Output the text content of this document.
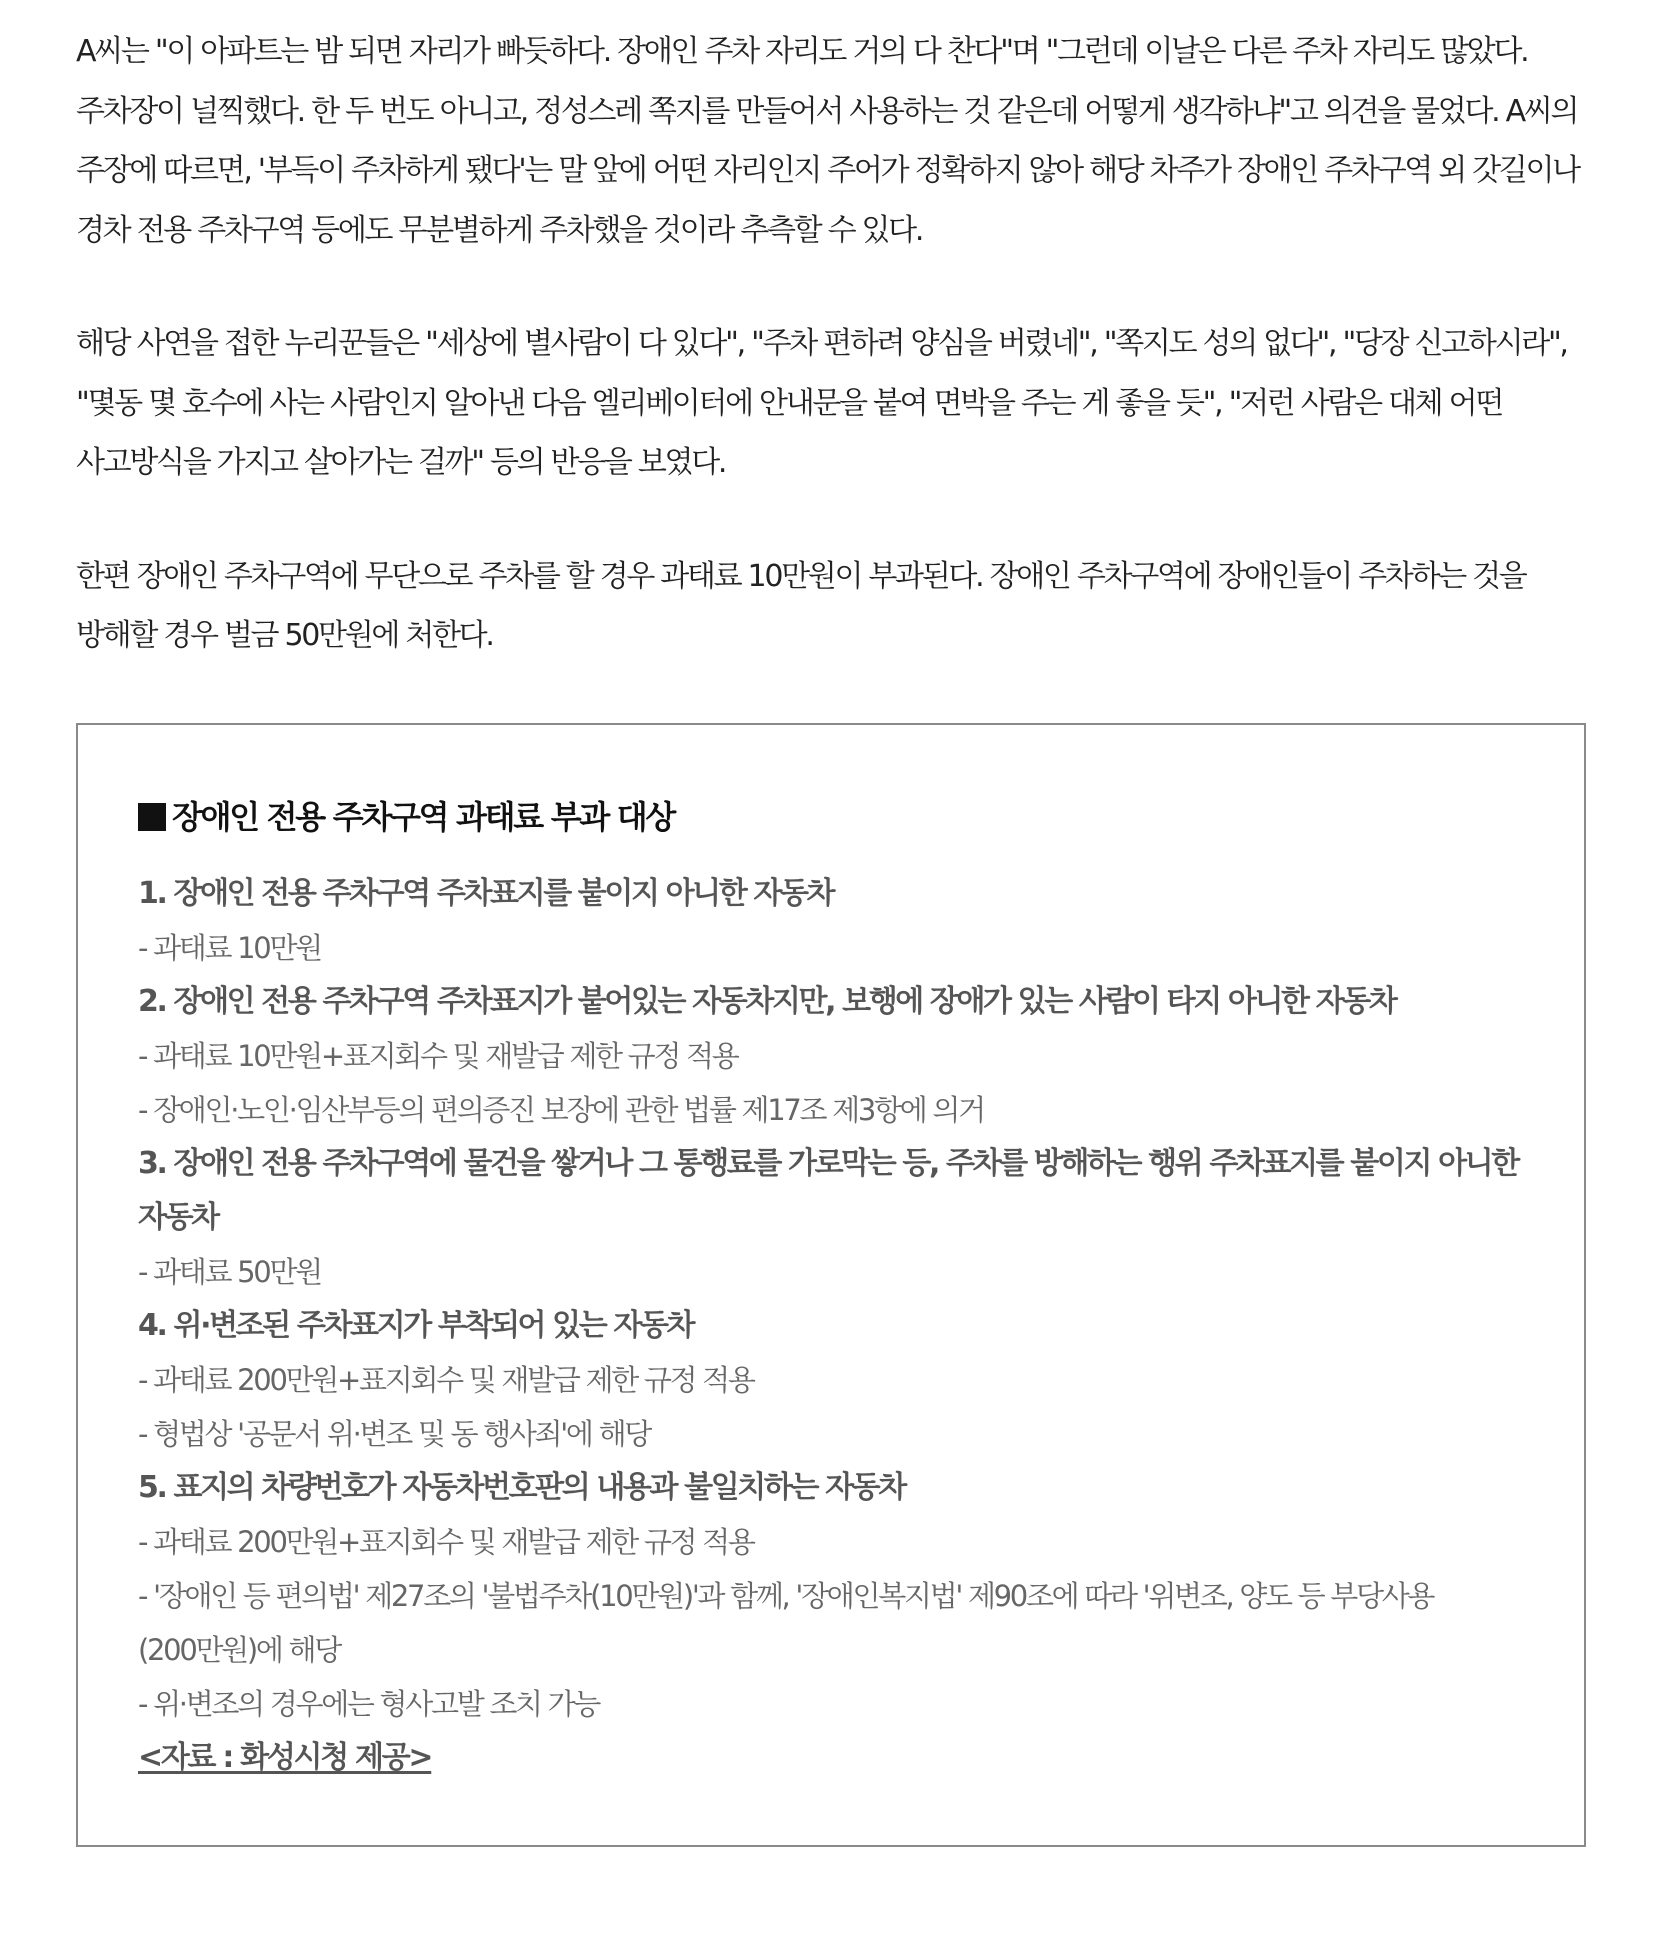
A씨는 "이 아파트는 밤 되면 자리가 빠듯하다. 장애인 주차 자리도 거의 다 찬다"며 "그런데 이날은 다른 주차 자리도 많았다. 주차장이 널찍했다. 한 두 번도 아니고, 정성스레 쪽지를 만들어서 사용하는 것 같은데 어떻게 생각하냐"고 의견을 물었다. A씨의 주장에 따르면, '부득이 주차하게 됐다'는 말 앞에 어떤 자리인지 주어가 정확하지 않아 해당 차주가 장애인 주차구역 외 갓길이나 경차 전용 주차구역 등에도 무분별하게 주차했을 것이라 추측할 수 있다.

해당 사연을 접한 누리꾼들은 "세상에 별사람이 다 있다", "주차 편하려 양심을 버렸네", "쪽지도 성의 없다", "당장 신고하시라", "몇동 몇 호수에 사는 사람인지 알아낸 다음 엘리베이터에 안내문을 붙여 면박을 주는 게 좋을 듯", "저런 사람은 대체 어떤 사고방식을 가지고 살아가는 걸까" 등의 반응을 보였다.

한편 장애인 주차구역에 무단으로 주차를 할 경우 과태료 10만원이 부과된다. 장애인 주차구역에 장애인들이 주차하는 것을 방해할 경우 벌금 50만원에 처한다.

장애인 전용 주차구역 과태료 부과 대상
1. 장애인 전용 주차구역 주차표지를 붙이지 아니한 자동차
- 과태료 10만원
2. 장애인 전용 주차구역 주차표지가 붙어있는 자동차지만, 보행에 장애가 있는 사람이 타지 아니한 자동차
- 과태료 10만원+표지회수 및 재발급 제한 규정 적용
- 장애인·노인·임산부등의 편의증진 보장에 관한 법률 제17조 제3항에 의거
3. 장애인 전용 주차구역에 물건을 쌓거나 그 통행료를 가로막는 등, 주차를 방해하는 행위 주차표지를 붙이지 아니한 자동차
- 과태료 50만원
4. 위·변조된 주차표지가 부착되어 있는 자동차
- 과태료 200만원+표지회수 및 재발급 제한 규정 적용
- 형법상 '공문서 위·변조 및 동 행사죄'에 해당
5. 표지의 차량번호가 자동차번호판의 내용과 불일치하는 자동차
- 과태료 200만원+표지회수 및 재발급 제한 규정 적용
- '장애인 등 편의법' 제27조의 '불법주차(10만원)'과 함께, '장애인복지법' 제90조에 따라 '위변조, 양도 등 부당사용(200만원)에 해당
- 위·변조의 경우에는 형사고발 조치 가능
<자료 : 화성시청 제공>
